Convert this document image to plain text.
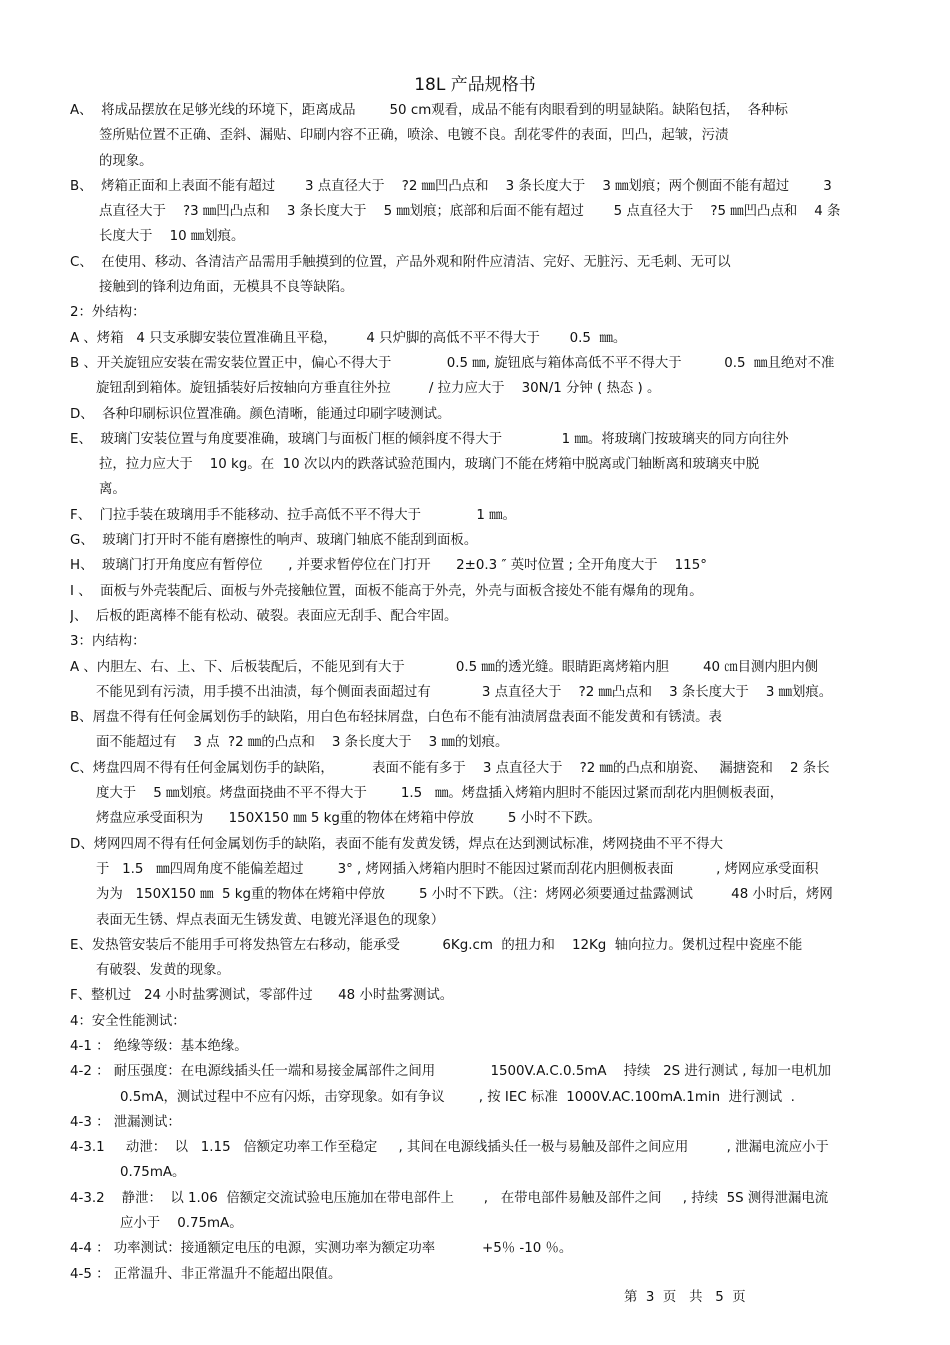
18L 产品规格书
A、  将成品摆放在足够光线的环境下，距离成品        50 cm观看，成品不能有肉眼看到的明显缺陷。缺陷包括，  各种标
签所贴位置不正确、歪斜、漏贴、印刷内容不正确，喷涂、电镀不良。刮花零件的表面，凹凸，起皱，污渍
的现象。
B、  烤箱正面和上表面不能有超过       3 点直径大于    ?2 ㎜凹凸点和    3 条长度大于    3 ㎜划痕；两个侧面不能有超过        3
点直径大于    ?3 ㎜凹凸点和    3 条长度大于    5 ㎜划痕；底部和后面不能有超过       5 点直径大于    ?5 ㎜凹凸点和    4 条
长度大于    10 ㎜划痕。
C、  在使用、移动、各清洁产品需用手触摸到的位置，产品外观和附件应清洁、完好、无脏污、无毛刺、无可以
接触到的锋利边角面，无模具不良等缺陷。
2：外结构：
A 、烤箱   4 只支承脚安装位置准确且平稳，       4 只炉脚的高低不平不得大于       0.5  ㎜。
B 、开关旋钮应安装在需安装位置正中，偏心不得大于             0.5 ㎜, 旋钮底与箱体高低不平不得大于          0.5  ㎜且绝对不准
旋钮刮到箱体。旋钮插装好后按轴向方垂直往外拉         / 拉力应大于    30N/1 分钟 ( 热态 ) 。
D、  各种印刷标识位置准确。颜色清晰，能通过印刷字唛测试。
E、  玻璃门安装位置与角度要准确，玻璃门与面板门框的倾斜度不得大于              1 ㎜。将玻璃门按玻璃夹的同方向往外
拉，拉力应大于    10 kg。在  10 次以内的跌落试验范围内，玻璃门不能在烤箱中脱离或门轴断离和玻璃夹中脱
离。
F、  门拉手装在玻璃用手不能移动、拉手高低不平不得大于             1 ㎜。
G、  玻璃门打开时不能有磨擦性的响声、玻璃门轴底不能刮到面板。
H、  玻璃门打开角度应有暂停位      , 并要求暂停位在门打开      2±0.3 ″ 英吋位置 ; 全开角度大于    115°
I 、  面板与外壳装配后、面板与外壳接触位置，面板不能高于外壳，外壳与面板含接处不能有爆角的现角。
J、  后板的距离棒不能有松动、破裂。表面应无刮手、配合牢固。
3：内结构：
A 、内胆左、右、上、下、后板装配后，不能见到有大于            0.5 ㎜的透光缝。眼睛距离烤箱内胆        40 ㎝目测内胆内侧
不能见到有污渍，用手摸不出油渍，每个侧面表面超过有            3 点直径大于    ?2 ㎜凸点和    3 条长度大于    3 ㎜划痕。
B、屑盘不得有任何金属划伤手的缺陷，用白色布轻抹屑盘，白色布不能有油渍屑盘表面不能发黄和有锈渍。表
面不能超过有    3 点  ?2 ㎜的凸点和    3 条长度大于    3 ㎜的划痕。
C、烤盘四周不得有任何金属划伤手的缺陷，         表面不能有多于    3 点直径大于    ?2 ㎜的凸点和崩瓷、   漏搪瓷和    2 条长
度大于    5 ㎜划痕。烤盘面挠曲不平不得大于        1.5   ㎜。烤盘插入烤箱内胆时不能因过紧而刮花内胆侧板表面，
烤盘应承受面积为      150X150 ㎜ 5 kg重的物体在烤箱中停放        5 小时不下跌。
D、烤网四周不得有任何金属划伤手的缺陷，表面不能有发黄发锈，焊点在达到测试标准，烤网挠曲不平不得大
于   1.5   ㎜四周角度不能偏差超过        3° , 烤网插入烤箱内胆时不能因过紧而刮花内胆侧板表面          , 烤网应承受面积
为为   150X150 ㎜  5 kg重的物体在烤箱中停放        5 小时不下跌。（注：烤网必须要通过盐露测试         48 小时后，烤网
表面无生锈、焊点表面无生锈发黄、电镀光泽退色的现象）
E、发热管安装后不能用手可将发热管左右移动，能承受          6Kg.cm  的扭力和    12Kg  轴向拉力。煲机过程中瓷座不能
有破裂、发黄的现象。
F、整机过   24 小时盐雾测试，零部件过      48 小时盐雾测试。
4：安全性能测试：
4-1 ： 绝缘等级：基本绝缘。
4-2 ： 耐压强度：在电源线插头任一端和易接金属部件之间用             1500V.A.C.0.5mA    持续   2S 进行测试 , 每加一电机加
0.5mA，测试过程中不应有闪烁，击穿现象。如有争议        , 按 IEC 标准  1000V.AC.100mA.1min  进行测试  .
4-3 ： 泄漏测试：
4-3.1     动泄：  以   1.15   倍额定功率工作至稳定     , 其间在电源线插头任一极与易触及部件之间应用         , 泄漏电流应小于
0.75mA。
4-3.2    静泄：  以 1.06  倍额定交流试验电压施加在带电部件上       ,   在带电部件易触及部件之间     , 持续  5S 测得泄漏电流
应小于    0.75mA。
4-4 ： 功率测试：接通额定电压的电源，实测功率为额定功率           +5％ -10 ％。
4-5 ： 正常温升、非正常温升不能超出限值。
第  3  页   共   5  页
